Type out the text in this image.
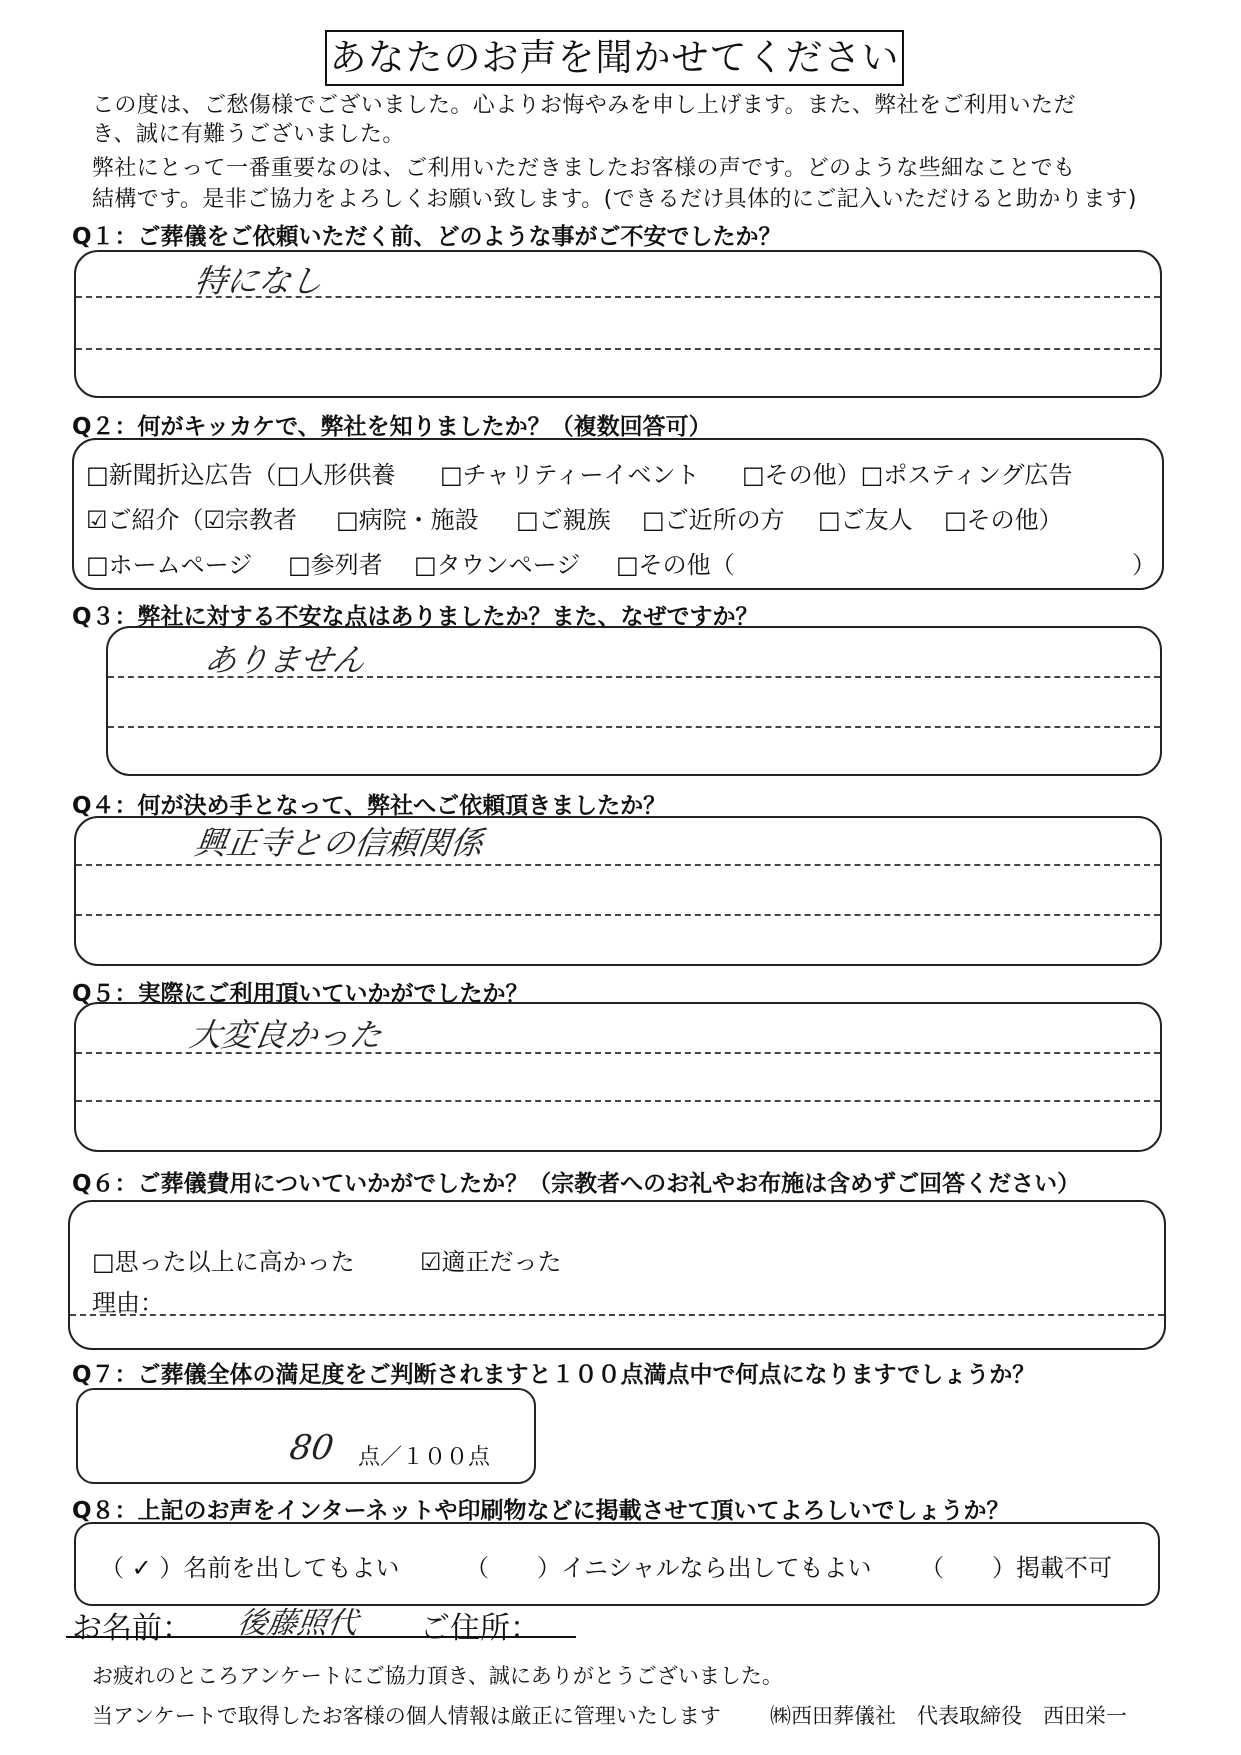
あなたのお声を聞かせてください
この度は、ご愁傷様でございました。心よりお悔やみを申し上げます。また、弊社をご利用いただ
き、誠に有難うございました。
弊社にとって一番重要なのは、ご利用いただきましたお客様の声です。どのような些細なことでも
結構です。是非ご協力をよろしくお願い致します。(できるだけ具体的にご記入いただけると助かります)
Q１：ご葬儀をご依頼いただく前、どのような事がご不安でしたか？
特になし
Q２：何がキッカケで、弊社を知りましたか？（複数回答可）
□新聞折込広告（□人形供養 □チャリティーイベント □その他）□ポスティング広告
☑ご紹介（☑宗教者 □病院・施設 □ご親族 □ご近所の方 □ご友人 □その他）
□ホームページ □参列者 □タウンページ □その他（	）
Q３：弊社に対する不安な点はありましたか？また、なぜですか？
ありません
Q４：何が決め手となって、弊社へご依頼頂きましたか？
興正寺との信頼関係
Q５：実際にご利用頂いていかがでしたか？
大変良かった
Q６：ご葬儀費用についていかがでしたか？（宗教者へのお礼やお布施は含めずご回答ください）
□思った以上に高かった	☑適正だった
理由：
Q７：ご葬儀全体の満足度をご判断されますと１００点満点中で何点になりますでしょうか？
80 点／１００点
Q８：上記のお声をインターネットや印刷物などに掲載させて頂いてよろしいでしょうか？
（ ✓ ）名前を出してもよい	（　　）イニシャルなら出してもよい （　　）掲載不可
お名前： 後藤照代 ご住所：
お疲れのところアンケートにご協力頂き、誠にありがとうございました。
当アンケートで取得したお客様の個人情報は厳正に管理いたします ㈱西田葬儀社　代表取締役　西田栄一
